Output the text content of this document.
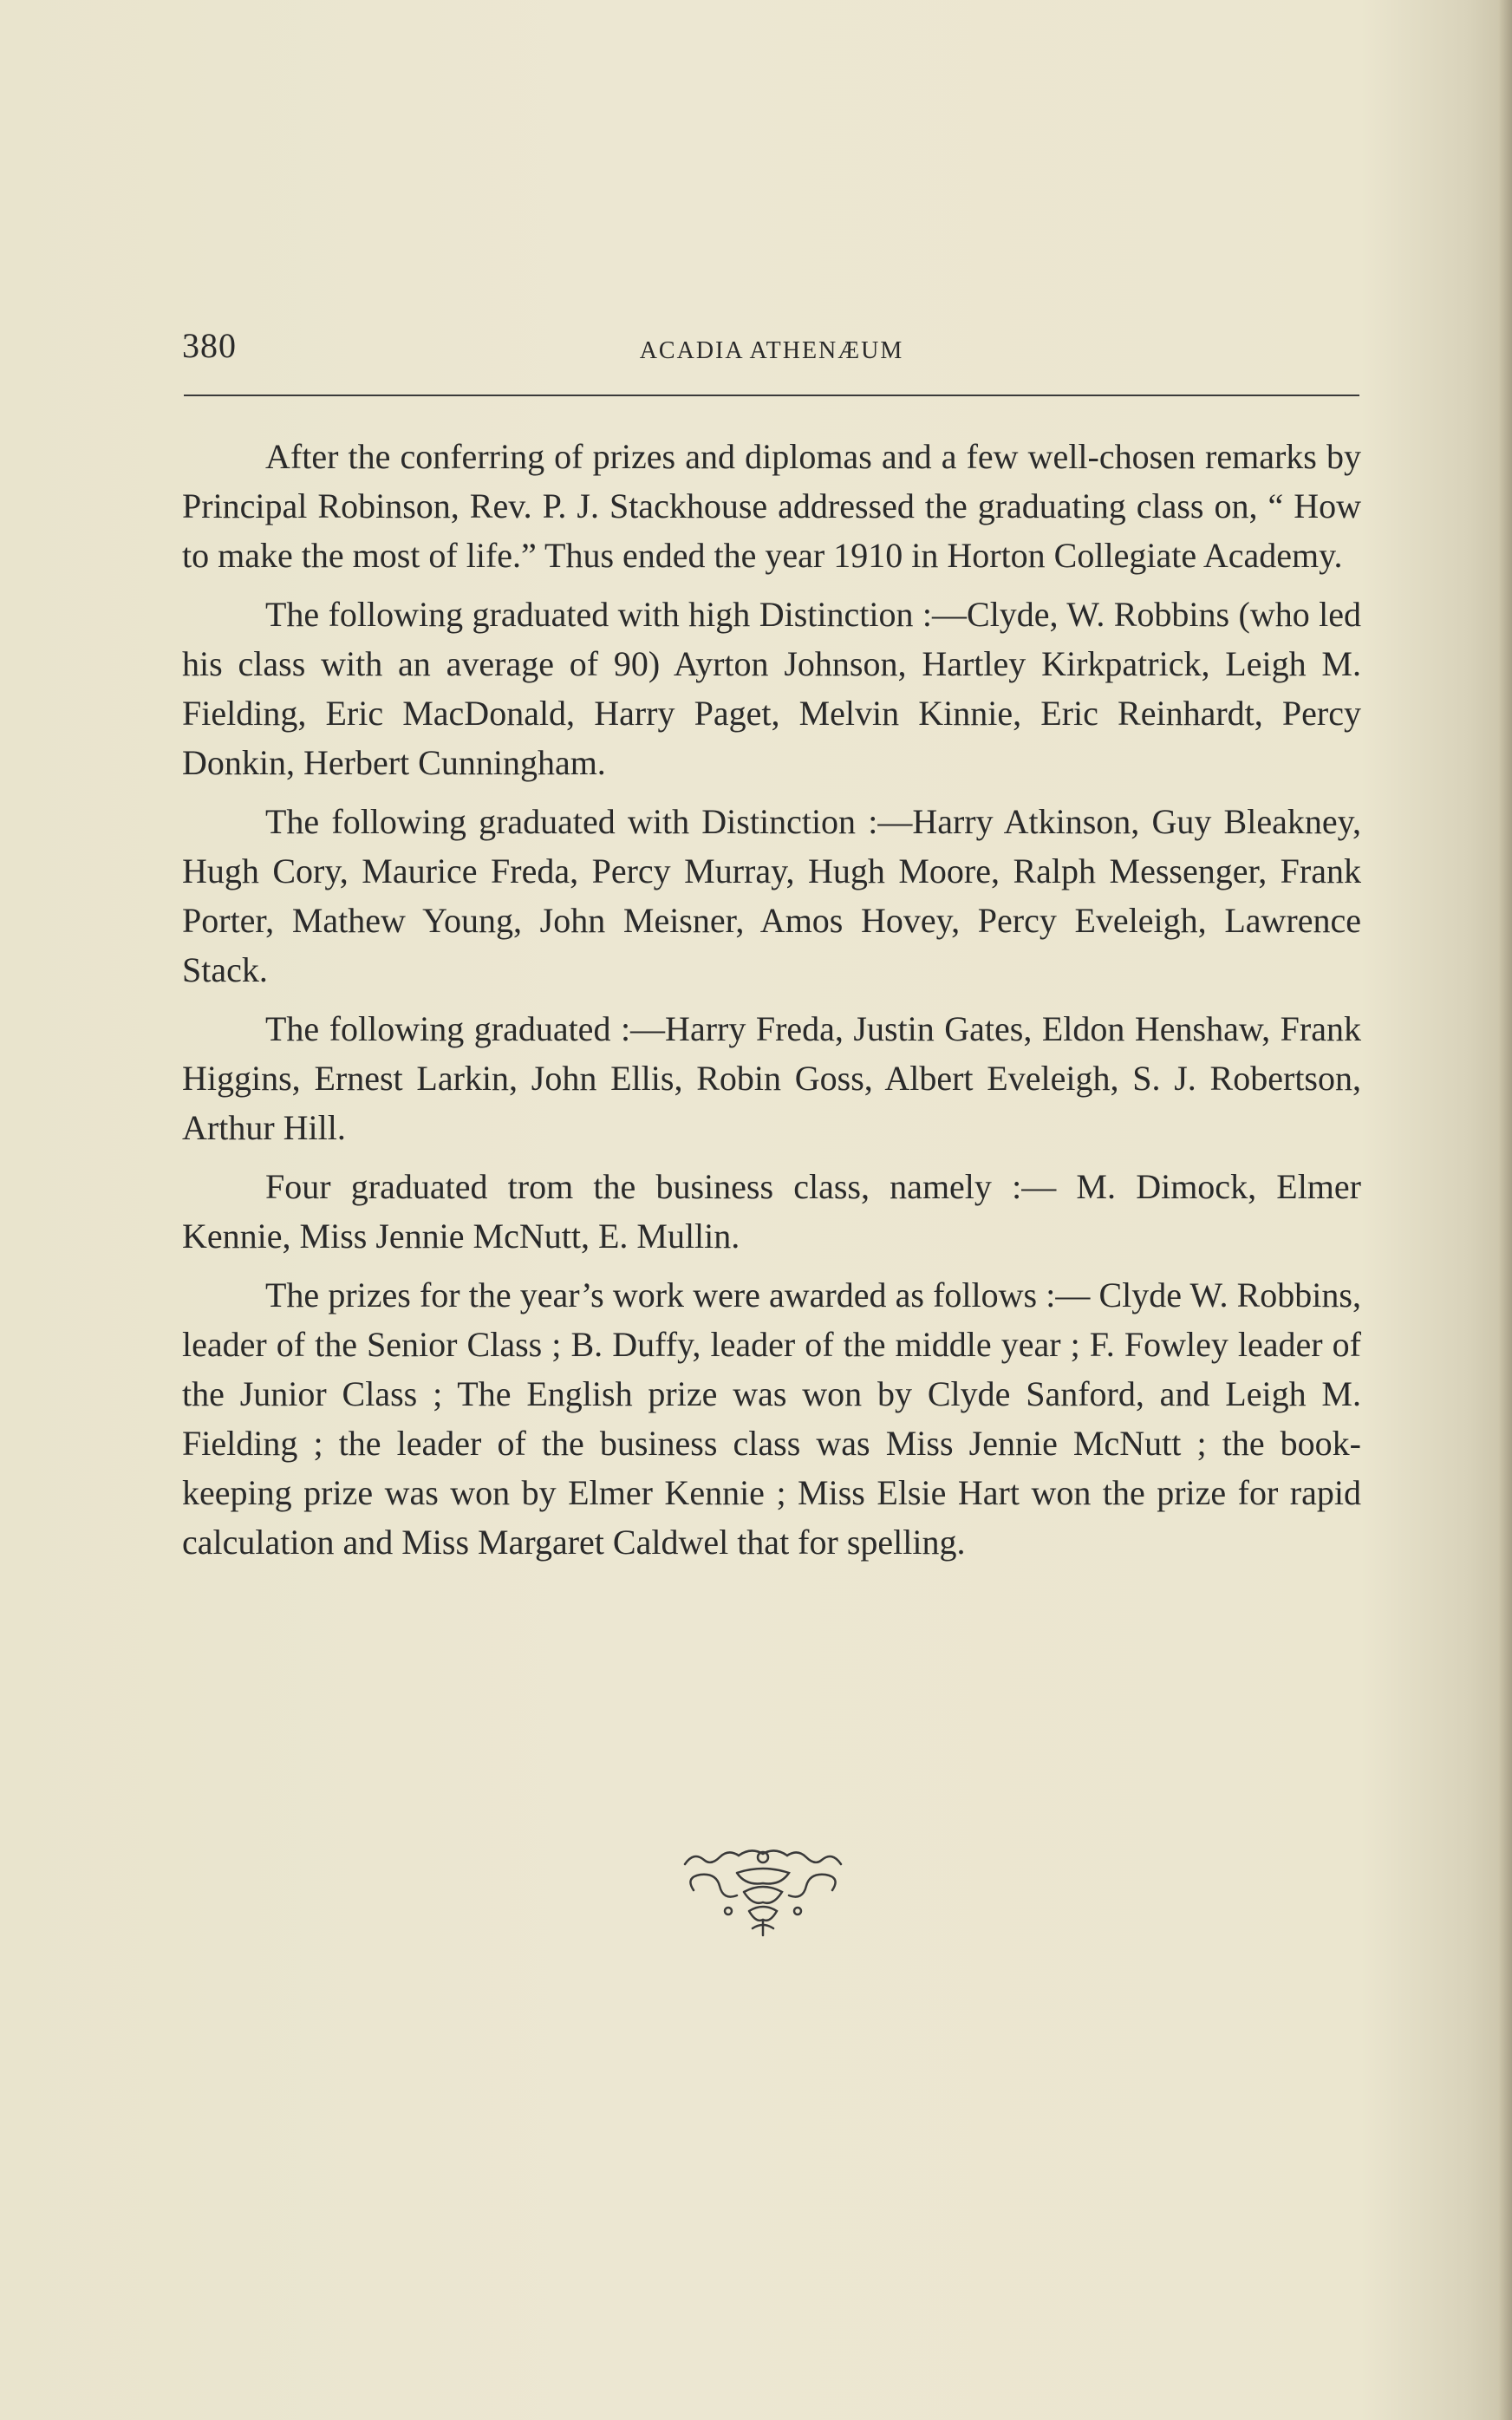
380	ACADIA ATHENÆUM

After the conferring of prizes and diplomas and a few well-chosen remarks by Principal Robinson, Rev. P. J. Stackhouse addressed the graduating class on, “ How to make the most of life.” Thus ended the year 1910 in Horton Collegiate Academy.

The following graduated with high Distinction :—Clyde, W. Robbins (who led his class with an average of 90) Ayrton Johnson, Hartley Kirkpatrick, Leigh M. Fielding, Eric MacDonald, Harry Paget, Melvin Kinnie, Eric Reinhardt, Percy Donkin, Herbert Cunningham.

The following graduated with Distinction :—Harry Atkinson, Guy Bleakney, Hugh Cory, Maurice Freda, Percy Murray, Hugh Moore, Ralph Messenger, Frank Porter, Mathew Young, John Meisner, Amos Hovey, Percy Eveleigh, Lawrence Stack.

The following graduated :—Harry Freda, Justin Gates, Eldon Henshaw, Frank Higgins, Ernest Larkin, John Ellis, Robin Goss, Albert Eveleigh, S. J. Robertson, Arthur Hill.

Four graduated trom the business class, namely :— M. Dimock, Elmer Kennie, Miss Jennie McNutt, E. Mullin.

The prizes for the year’s work were awarded as follows :— Clyde W. Robbins, leader of the Senior Class ; B. Duffy, leader of the middle year ; F. Fowley leader of the Junior Class ; The English prize was won by Clyde Sanford, and Leigh M. Fielding ; the leader of the business class was Miss Jennie McNutt ; the book-keeping prize was won by Elmer Kennie ; Miss Elsie Hart won the prize for rapid calculation and Miss Margaret Caldwel that for spelling.
